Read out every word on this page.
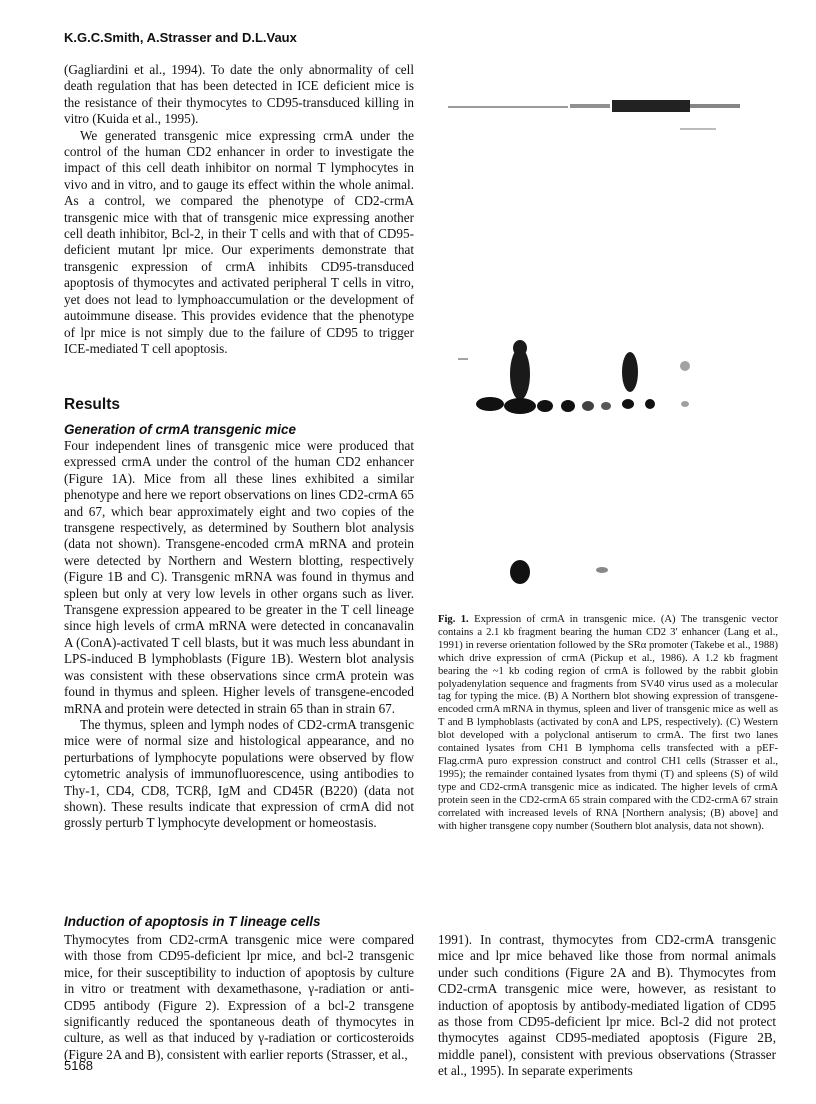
K.G.C.Smith, A.Strasser and D.L.Vaux

(Gagliardini et al., 1994). To date the only abnormality of cell death regulation that has been detected in ICE deficient mice is the resistance of their thymocytes to CD95-transduced killing in vitro (Kuida et al., 1995).

We generated transgenic mice expressing crmA under the control of the human CD2 enhancer in order to investigate the impact of this cell death inhibitor on normal T lymphocytes in vivo and in vitro, and to gauge its effect within the whole animal. As a control, we compared the phenotype of CD2-crmA transgenic mice with that of transgenic mice expressing another cell death inhibitor, Bcl-2, in their T cells and with that of CD95-deficient mutant lpr mice. Our experiments demonstrate that transgenic expression of crmA inhibits CD95-transduced apoptosis of thymocytes and activated peripheral T cells in vitro, yet does not lead to lymphoaccumulation or the development of autoimmune disease. This provides evidence that the phenotype of lpr mice is not simply due to the failure of CD95 to trigger ICE-mediated T cell apoptosis.

Results
Generation of crmA transgenic mice

Four independent lines of transgenic mice were produced that expressed crmA under the control of the human CD2 enhancer (Figure 1A). Mice from all these lines exhibited a similar phenotype and here we report observations on lines CD2-crmA 65 and 67, which bear approximately eight and two copies of the transgene respectively, as determined by Southern blot analysis (data not shown). Transgene-encoded crmA mRNA and protein were detected by Northern and Western blotting, respectively (Figure 1B and C). Transgenic mRNA was found in thymus and spleen but only at very low levels in other organs such as liver. Transgene expression appeared to be greater in the T cell lineage since high levels of crmA mRNA were detected in concanavalin A (ConA)-activated T cell blasts, but it was much less abundant in LPS-induced B lymphoblasts (Figure 1B). Western blot analysis was consistent with these observations since crmA protein was found in thymus and spleen. Higher levels of transgene-encoded mRNA and protein were detected in strain 65 than in strain 67.

The thymus, spleen and lymph nodes of CD2-crmA transgenic mice were of normal size and histological appearance, and no perturbations of lymphocyte populations were observed by flow cytometric analysis of immunofluorescence, using antibodies to Thy-1, CD4, CD8, TCRβ, IgM and CD45R (B220) (data not shown). These results indicate that expression of crmA did not grossly perturb T lymphocyte development or homeostasis.

Induction of apoptosis in T lineage cells

Thymocytes from CD2-crmA transgenic mice were compared with those from CD95-deficient lpr mice, and bcl-2 transgenic mice, for their susceptibility to induction of apoptosis by culture in vitro or treatment with dexamethasone, γ-radiation or anti-CD95 antibody (Figure 2). Expression of a bcl-2 transgene significantly reduced the spontaneous death of thymocytes in culture, as well as that induced by γ-radiation or corticosteroids (Figure 2A and B), consistent with earlier reports (Strasser, et al.,

Fig. 1. Expression of crmA in transgenic mice. (A) The transgenic vector contains a 2.1 kb fragment bearing the human CD2 3′ enhancer (Lang et al., 1991) in reverse orientation followed by the SRα promoter (Takebe et al., 1988) which drive expression of crmA (Pickup et al., 1986). A 1.2 kb fragment bearing the ~1 kb coding region of crmA is followed by the rabbit globin polyadenylation sequence and fragments from SV40 virus used as a molecular tag for typing the mice. (B) A Northern blot showing expression of transgene-encoded crmA mRNA in thymus, spleen and liver of transgenic mice as well as T and B lymphoblasts (activated by conA and LPS, respectively). (C) Western blot developed with a polyclonal antiserum to crmA. The first two lanes contained lysates from CH1 B lymphoma cells transfected with a pEF-Flag.crmA puro expression construct and control CH1 cells (Strasser et al., 1995); the remainder contained lysates from thymi (T) and spleens (S) of wild type and CD2-crmA transgenic mice as indicated. The higher levels of crmA protein seen in the CD2-crmA 65 strain compared with the CD2-crmA 67 strain correlated with increased levels of RNA [Northern analysis; (B) above] and with higher transgene copy number (Southern blot analysis, data not shown).

1991). In contrast, thymocytes from CD2-crmA transgenic mice and lpr mice behaved like those from normal animals under such conditions (Figure 2A and B). Thymocytes from CD2-crmA transgenic mice were, however, as resistant to induction of apoptosis by antibody-mediated ligation of CD95 as those from CD95-deficient lpr mice. Bcl-2 did not protect thymocytes against CD95-mediated apoptosis (Figure 2B, middle panel), consistent with previous observations (Strasser et al., 1995). In separate experiments

5168
